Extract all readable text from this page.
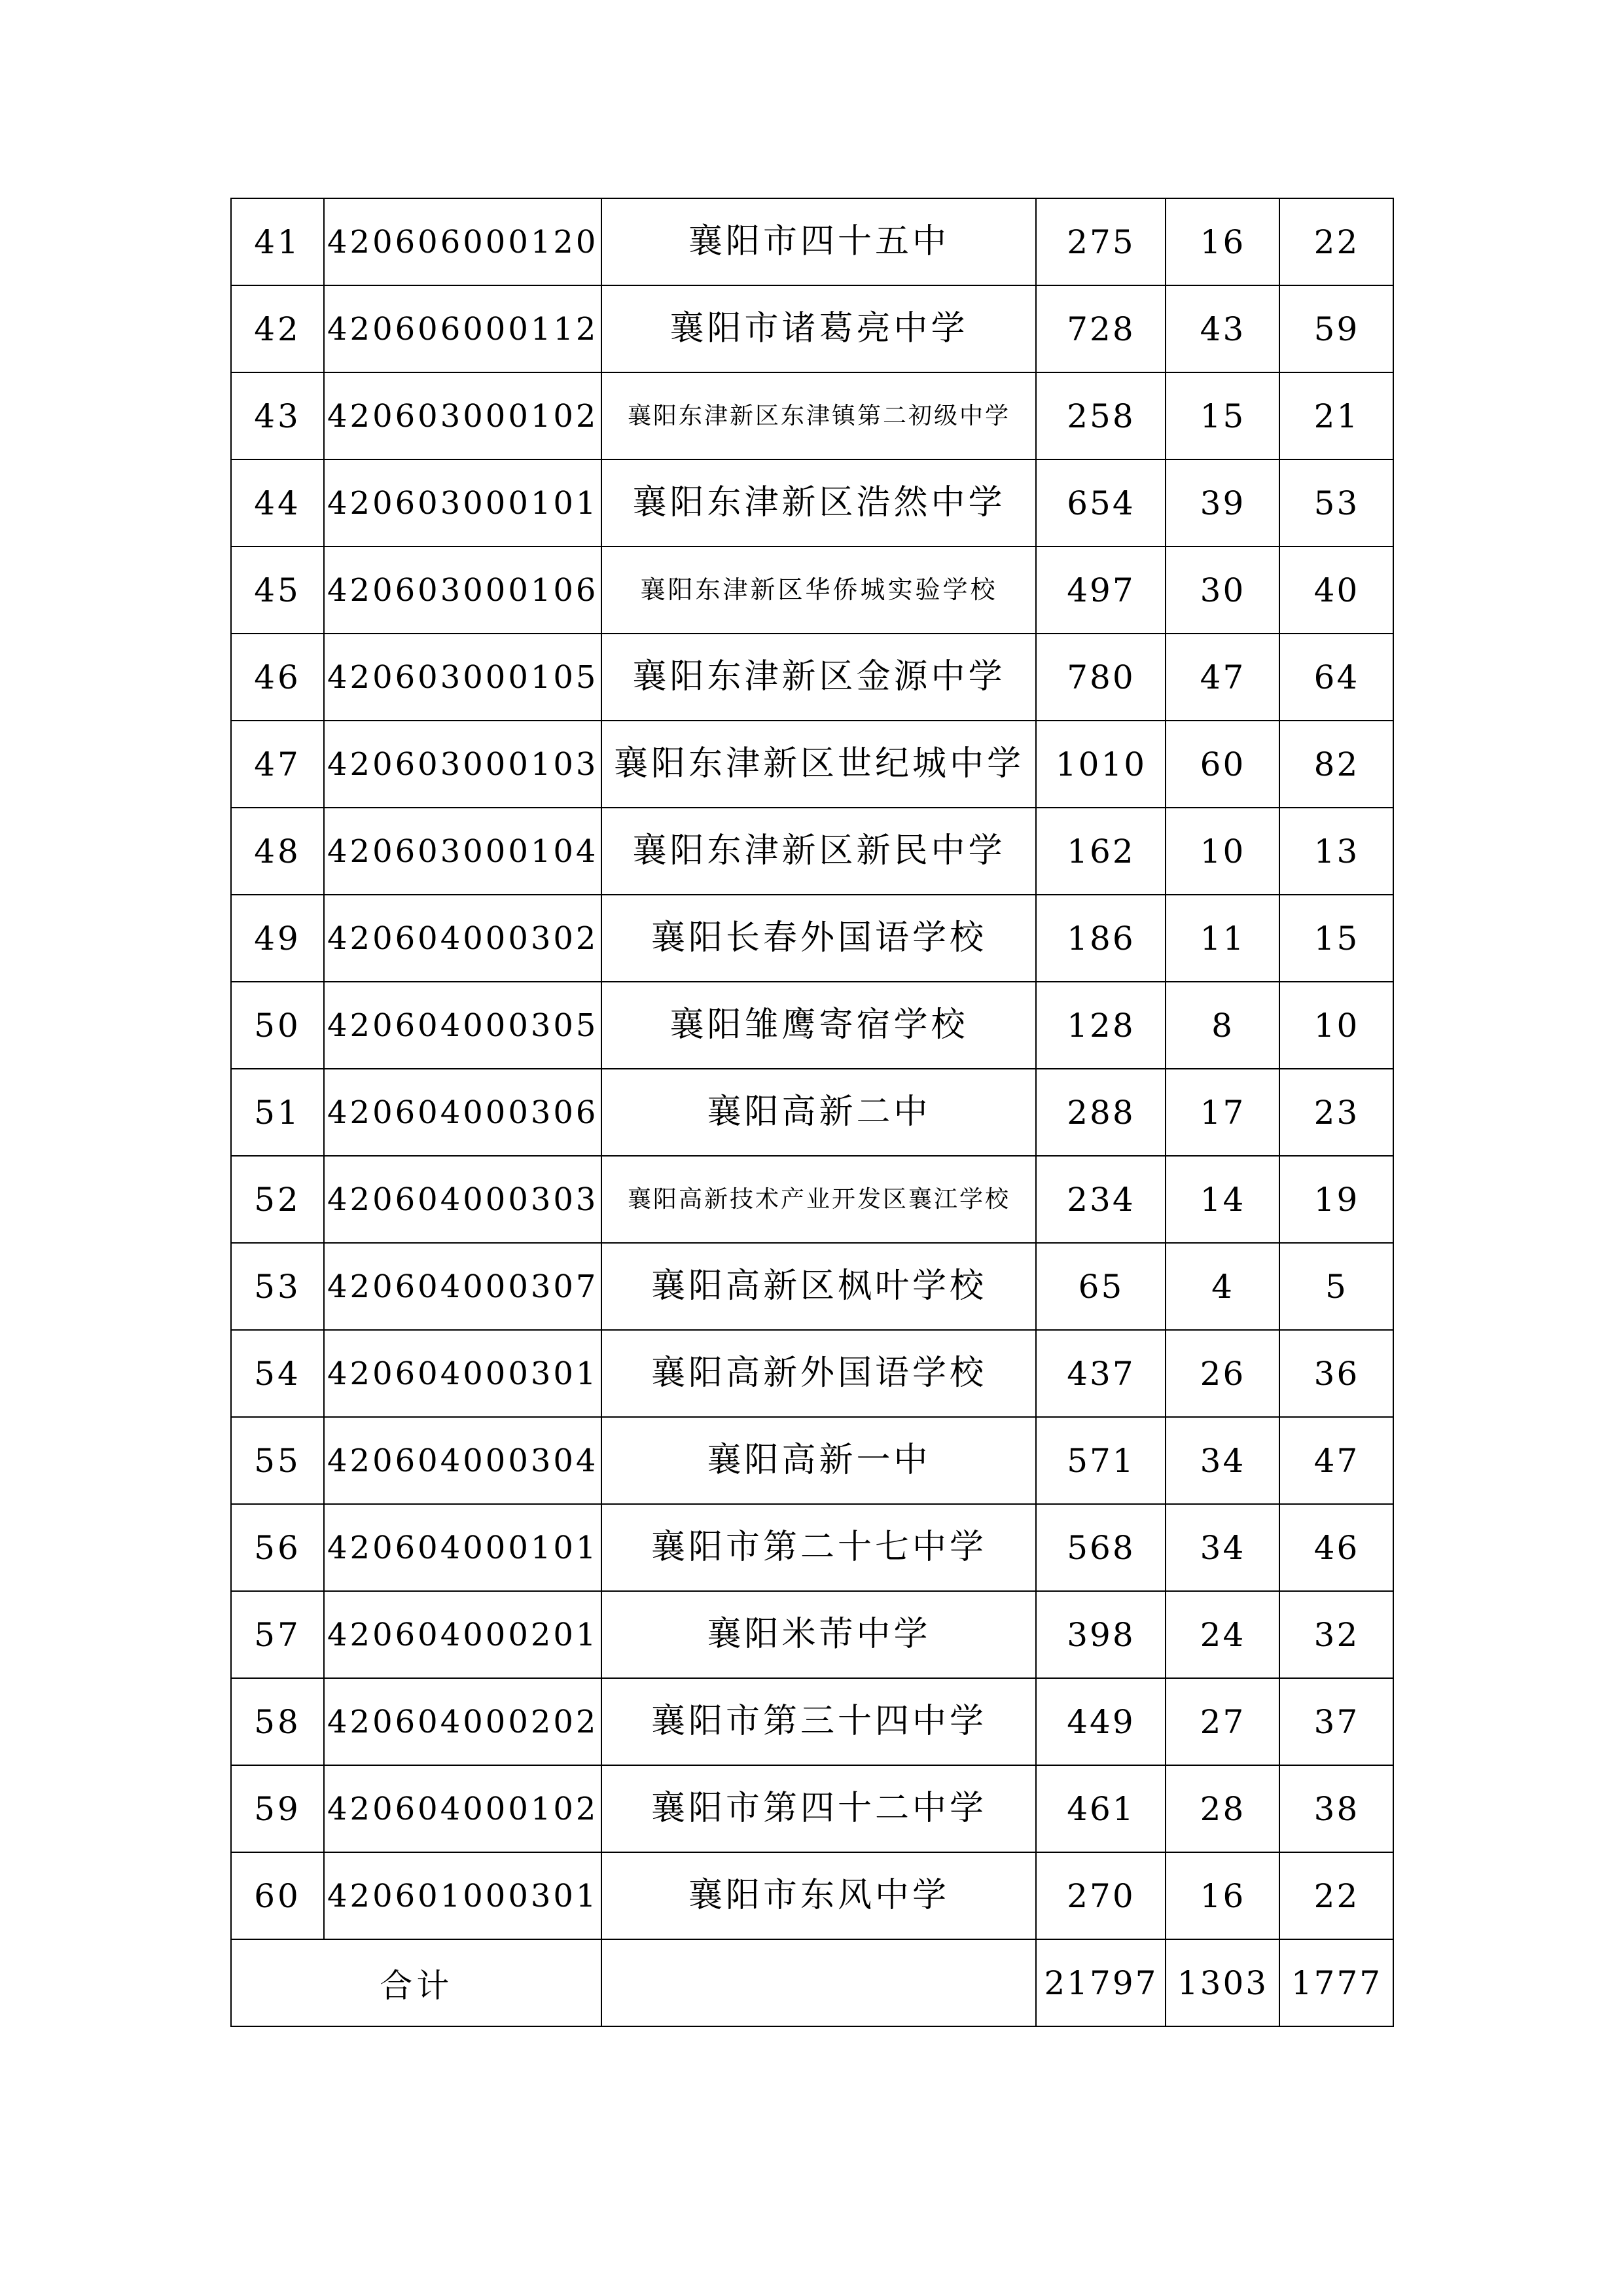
41	420606000120	襄阳市四十五中	275	16	22
42	420606000112	襄阳市诸葛亮中学	728	43	59
43	420603000102	襄阳东津新区东津镇第二初级中学	258	15	21
44	420603000101	襄阳东津新区浩然中学	654	39	53
45	420603000106	襄阳东津新区华侨城实验学校	497	30	40
46	420603000105	襄阳东津新区金源中学	780	47	64
47	420603000103	襄阳东津新区世纪城中学	1010	60	82
48	420603000104	襄阳东津新区新民中学	162	10	13
49	420604000302	襄阳长春外国语学校	186	11	15
50	420604000305	襄阳雏鹰寄宿学校	128	8	10
51	420604000306	襄阳高新二中	288	17	23
52	420604000303	襄阳高新技术产业开发区襄江学校	234	14	19
53	420604000307	襄阳高新区枫叶学校	65	4	5
54	420604000301	襄阳高新外国语学校	437	26	36
55	420604000304	襄阳高新一中	571	34	47
56	420604000101	襄阳市第二十七中学	568	34	46
57	420604000201	襄阳米芾中学	398	24	32
58	420604000202	襄阳市第三十四中学	449	27	37
59	420604000102	襄阳市第四十二中学	461	28	38
60	420601000301	襄阳市东风中学	270	16	22
合计			21797	1303	1777
